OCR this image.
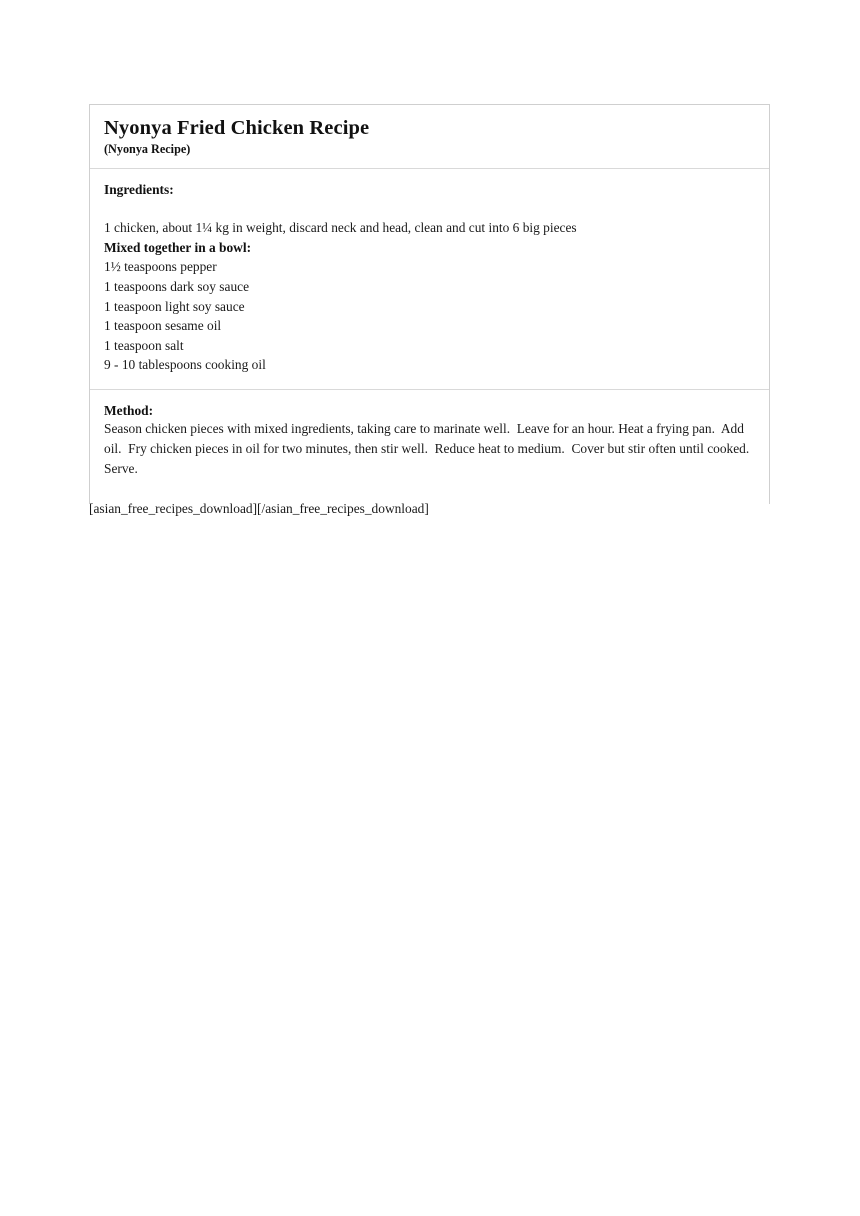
Nyonya Fried Chicken Recipe
(Nyonya Recipe)
Ingredients:
1 chicken, about 1¼ kg in weight, discard neck and head, clean and cut into 6 big pieces
Mixed together in a bowl:
1½ teaspoons pepper
1 teaspoons dark soy sauce
1 teaspoon light soy sauce
1 teaspoon sesame oil
1 teaspoon salt
9 - 10 tablespoons cooking oil
Method:

Season chicken pieces with mixed ingredients, taking care to marinate well.  Leave for an hour. Heat a frying pan.  Add oil.  Fry chicken pieces in oil for two minutes, then stir well.  Reduce heat to medium.  Cover but stir often until cooked.  Serve.

[asian_free_recipes_download][/asian_free_recipes_download]
